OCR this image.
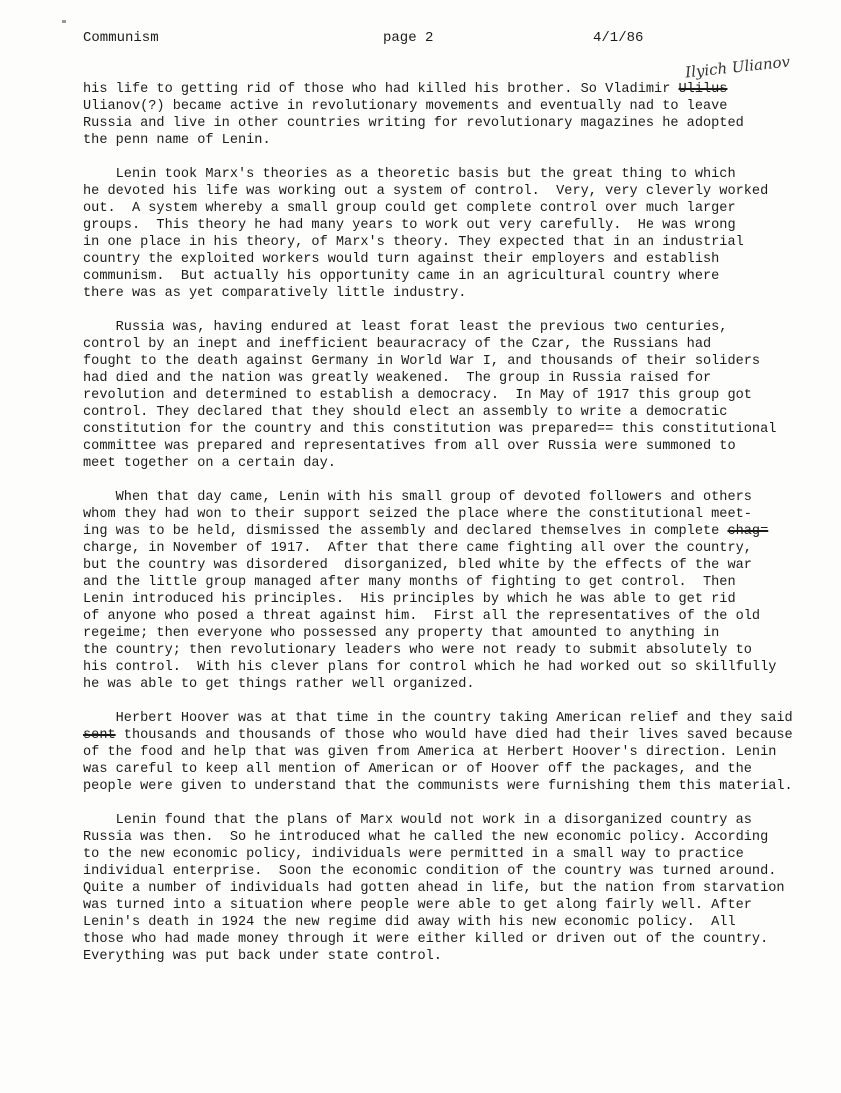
Communism	page 2	4/1/86
Ilyich Ulianov
his life to getting rid of those who had killed his brother. So Vladimir Ulilus
Ulianov(?) became active in revolutionary movements and eventually nad to leave
Russia and live in other countries writing for revolutionary magazines he adopted
the penn name of Lenin.
Lenin took Marx's theories as a theoretic basis but the great thing to which
he devoted his life was working out a system of control.  Very, very cleverly worked
out.  A system whereby a small group could get complete control over much larger
groups.  This theory he had many years to work out very carefully.  He was wrong
in one place in his theory, of Marx's theory. They expected that in an industrial
country the exploited workers would turn against their employers and establish
communism.  But actually his opportunity came in an agricultural country where
there was as yet comparatively little industry.
Russia was, having endured at least forat least the previous two centuries,
control by an inept and inefficient beauracracy of the Czar, the Russians had
fought to the death against Germany in World War I, and thousands of their soliders
had died and the nation was greatly weakened.  The group in Russia raised for
revolution and determined to establish a democracy.  In May of 1917 this group got
control. They declared that they should elect an assembly to write a democratic
constitution for the country and this constitution was prepared== this constitutional
committee was prepared and representatives from all over Russia were summoned to
meet together on a certain day.
When that day came, Lenin with his small group of devoted followers and others
whom they had won to their support seized the place where the constitutional meet-
ing was to be held, dismissed the assembly and declared themselves in complete chag=
charge, in November of 1917.  After that there came fighting all over the country,
but the country was disordered  disorganized, bled white by the effects of the war
and the little group managed after many months of fighting to get control.  Then
Lenin introduced his principles.  His principles by which he was able to get rid
of anyone who posed a threat against him.  First all the representatives of the old
regeime; then everyone who possessed any property that amounted to anything in
the country; then revolutionary leaders who were not ready to submit absolutely to
his control.  With his clever plans for control which he had worked out so skillfully
he was able to get things rather well organized.
Herbert Hoover was at that time in the country taking American relief and they said
sent thousands and thousands of those who would have died had their lives saved because
of the food and help that was given from America at Herbert Hoover's direction. Lenin
was careful to keep all mention of American or of Hoover off the packages, and the
people were given to understand that the communists were furnishing them this material.
Lenin found that the plans of Marx would not work in a disorganized country as
Russia was then.  So he introduced what he called the new economic policy. According
to the new economic policy, individuals were permitted in a small way to practice
individual enterprise.  Soon the economic condition of the country was turned around.
Quite a number of individuals had gotten ahead in life, but the nation from starvation
was turned into a situation where people were able to get along fairly well. After
Lenin's death in 1924 the new regime did away with his new economic policy.  All
those who had made money through it were either killed or driven out of the country.
Everything was put back under state control.
